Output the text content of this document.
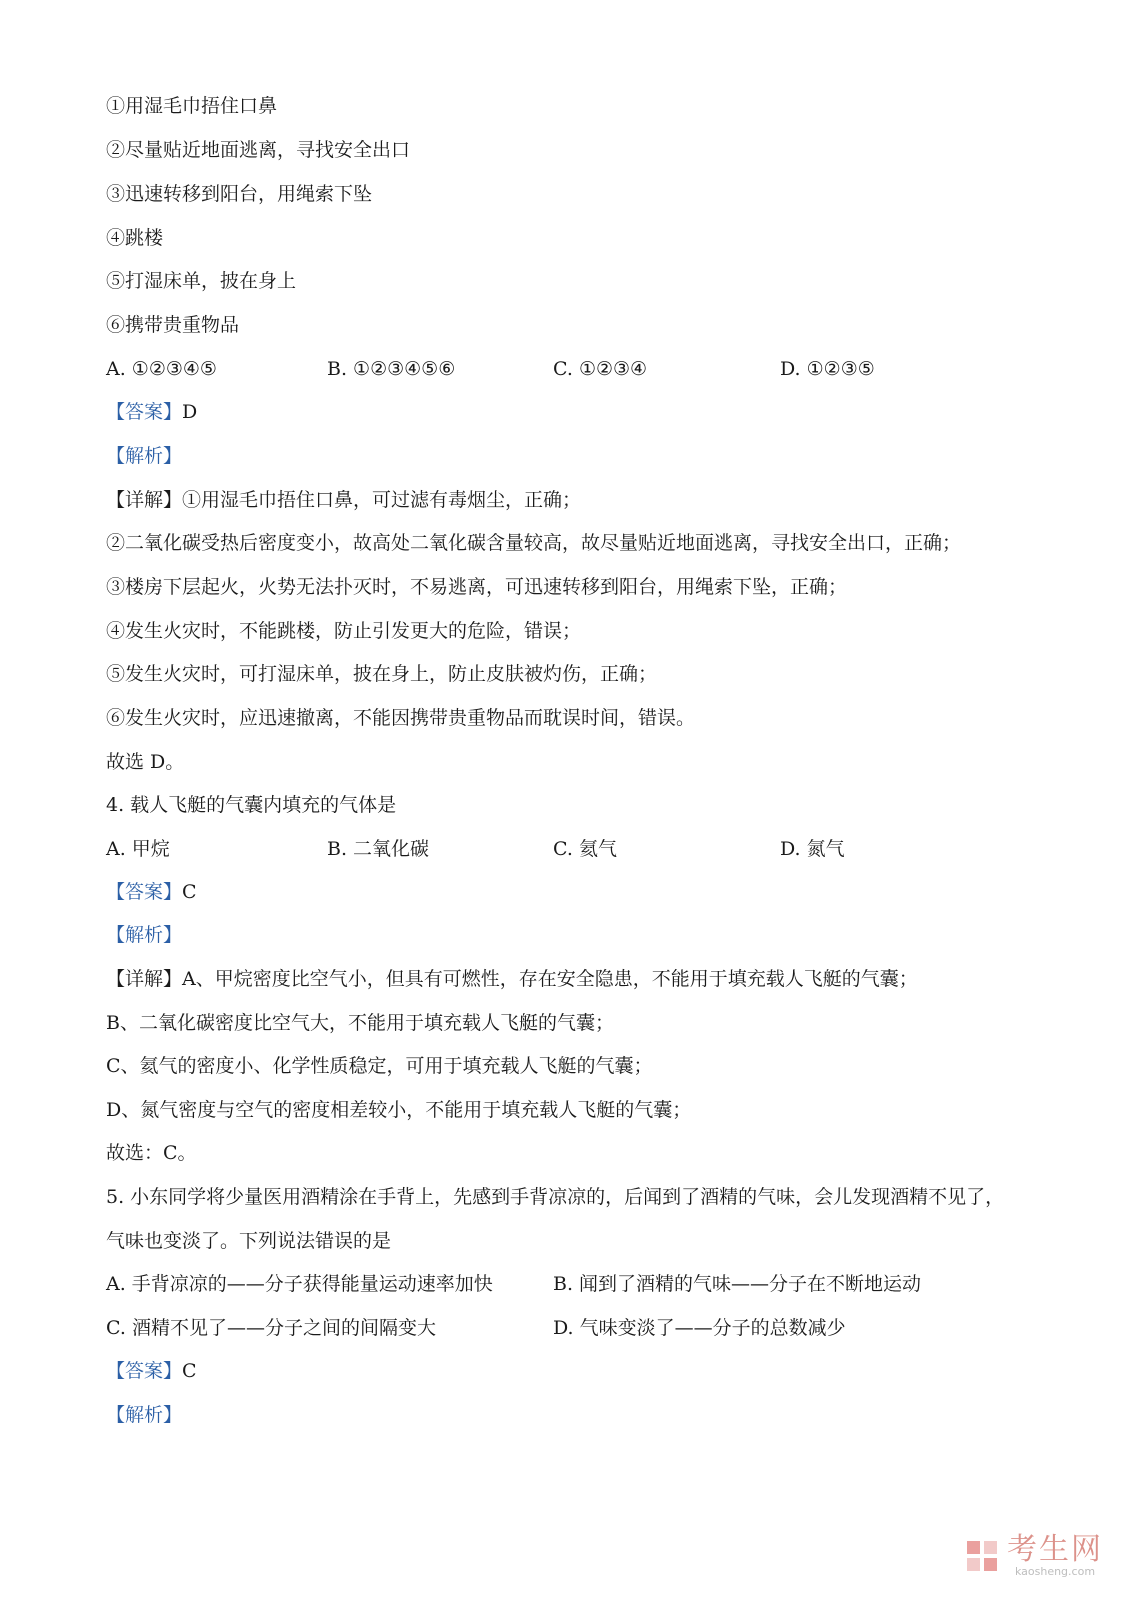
①用湿毛巾捂住口鼻
②尽量贴近地面逃离，寻找安全出口
③迅速转移到阳台，用绳索下坠
④跳楼
⑤打湿床单，披在身上
⑥携带贵重物品
A. ①②③④⑤	B. ①②③④⑤⑥	C. ①②③④	D. ①②③⑤
【答案】D
【解析】
【详解】①用湿毛巾捂住口鼻，可过滤有毒烟尘，正确；
②二氧化碳受热后密度变小，故高处二氧化碳含量较高，故尽量贴近地面逃离，寻找安全出口，正确；
③楼房下层起火，火势无法扑灭时，不易逃离，可迅速转移到阳台，用绳索下坠，正确；
④发生火灾时，不能跳楼，防止引发更大的危险，错误；
⑤发生火灾时，可打湿床单，披在身上，防止皮肤被灼伤，正确；
⑥发生火灾时，应迅速撤离，不能因携带贵重物品而耽误时间，错误。
故选 D。
4. 载人飞艇的气囊内填充的气体是
A. 甲烷	B. 二氧化碳	C. 氦气	D. 氮气
【答案】C
【解析】
【详解】A、甲烷密度比空气小，但具有可燃性，存在安全隐患，不能用于填充载人飞艇的气囊；
B、二氧化碳密度比空气大，不能用于填充载人飞艇的气囊；
C、氦气的密度小、化学性质稳定，可用于填充载人飞艇的气囊；
D、氮气密度与空气的密度相差较小，不能用于填充载人飞艇的气囊；
故选：C。
5. 小东同学将少量医用酒精涂在手背上，先感到手背凉凉的，后闻到了酒精的气味，会儿发现酒精不见了，
气味也变淡了。下列说法错误的是
A. 手背凉凉的——分子获得能量运动速率加快	B. 闻到了酒精的气味——分子在不断地运动
C. 酒精不见了——分子之间的间隔变大	D. 气味变淡了——分子的总数减少
【答案】C
【解析】
考生网
kaosheng.com
